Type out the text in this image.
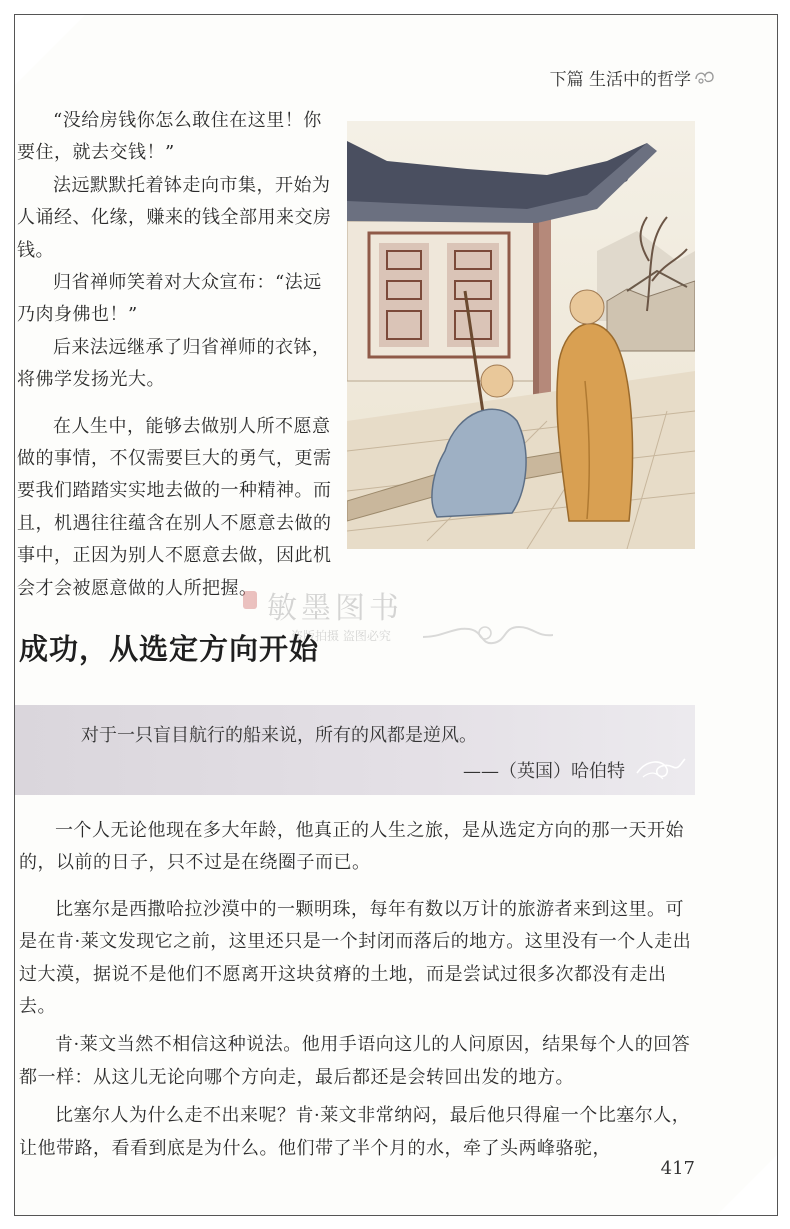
下篇 生活中的哲学

“没给房钱你怎么敢住在这里！你要住，就去交钱！”

法远默默托着钵走向市集，开始为人诵经、化缘，赚来的钱全部用来交房钱。

归省禅师笑着对大众宣布：“法远乃肉身佛也！”

后来法远继承了归省禅师的衣钵，将佛学发扬光大。

在人生中，能够去做别人所不愿意做的事情，不仅需要巨大的勇气，更需要我们踏踏实实地去做的一种精神。而且，机遇往往蕴含在别人不愿意去做的事中，正因为别人不愿意去做，因此机会才会被愿意做的人所把握。

敏墨图书
盗版拍摄 盗图必究
成功，从选定方向开始
对于一只盲目航行的船来说，所有的风都是逆风。
——（英国）哈伯特

一个人无论他现在多大年龄，他真正的人生之旅，是从选定方向的那一天开始的，以前的日子，只不过是在绕圈子而已。

比塞尔是西撒哈拉沙漠中的一颗明珠，每年有数以万计的旅游者来到这里。可是在肯·莱文发现它之前，这里还只是一个封闭而落后的地方。这里没有一个人走出过大漠，据说不是他们不愿离开这块贫瘠的土地，而是尝试过很多次都没有走出去。

肯·莱文当然不相信这种说法。他用手语向这儿的人问原因，结果每个人的回答都一样：从这儿无论向哪个方向走，最后都还是会转回出发的地方。

比塞尔人为什么走不出来呢？肯·莱文非常纳闷，最后他只得雇一个比塞尔人，让他带路，看看到底是为什么。他们带了半个月的水，牵了头两峰骆驼，

417
